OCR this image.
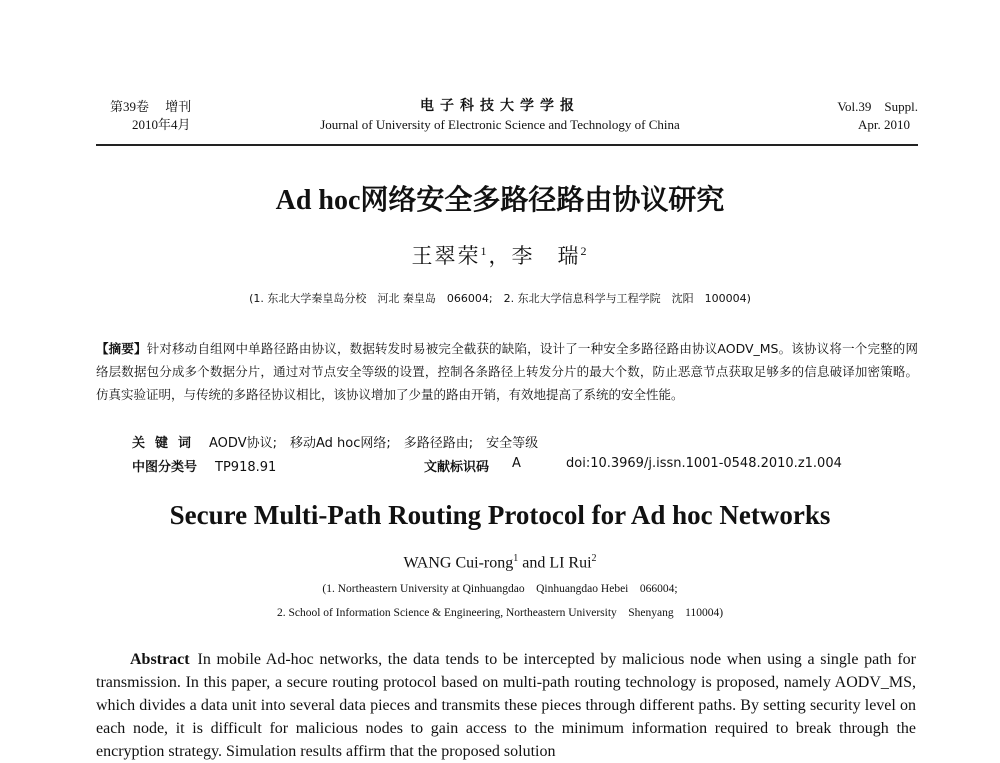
第39卷　 增刊
2010年4月
电子科技大学学报
Journal of University of Electronic Science and Technology of China
Vol.39　Suppl.
Apr. 2010
Ad hoc网络安全多路径路由协议研究
王翠荣$^1$，李　瑞$^2$
(1. 东北大学秦皇岛分校　河北 秦皇岛　066004;　2. 东北大学信息科学与工程学院　沈阳　100004)
【摘要】针对移动自组网中单路径路由协议，数据转发时易被完全截获的缺陷，设计了一种安全多路径路由协议AODV_MS。该协议将一个完整的网络层数据包分成多个数据分片，通过对节点安全等级的设置，控制各条路径上转发分片的最大个数，防止恶意节点获取足够多的信息破译加密策略。仿真实验证明，与传统的多路径协议相比，该协议增加了少量的路由开销，有效地提高了系统的安全性能。
关键词 AODV协议;　移动Ad hoc网络;　多路径路由;　安全等级
中图分类号 TP918.91	文献标识码 A	doi:10.3969/j.issn.1001-0548.2010.z1.004
Secure Multi-Path Routing Protocol for Ad hoc Networks
WANG Cui-rong$^1$ and LI Rui$^2$
(1. Northeastern University at Qinhuangdao　Qinhuangdao Hebei　066004;
2. School of Information Science & Engineering, Northeastern University　Shenyang　110004)
Abstract In mobile Ad-hoc networks, the data tends to be intercepted by malicious node when using a single path for transmission. In this paper, a secure routing protocol based on multi-path routing technology is proposed, namely AODV_MS, which divides a data unit into several data pieces and transmits these pieces through different paths. By setting security level on each node, it is difficult for malicious nodes to gain access to the minimum information required to break through the encryption strategy. Simulation results affirm that the proposed solution
